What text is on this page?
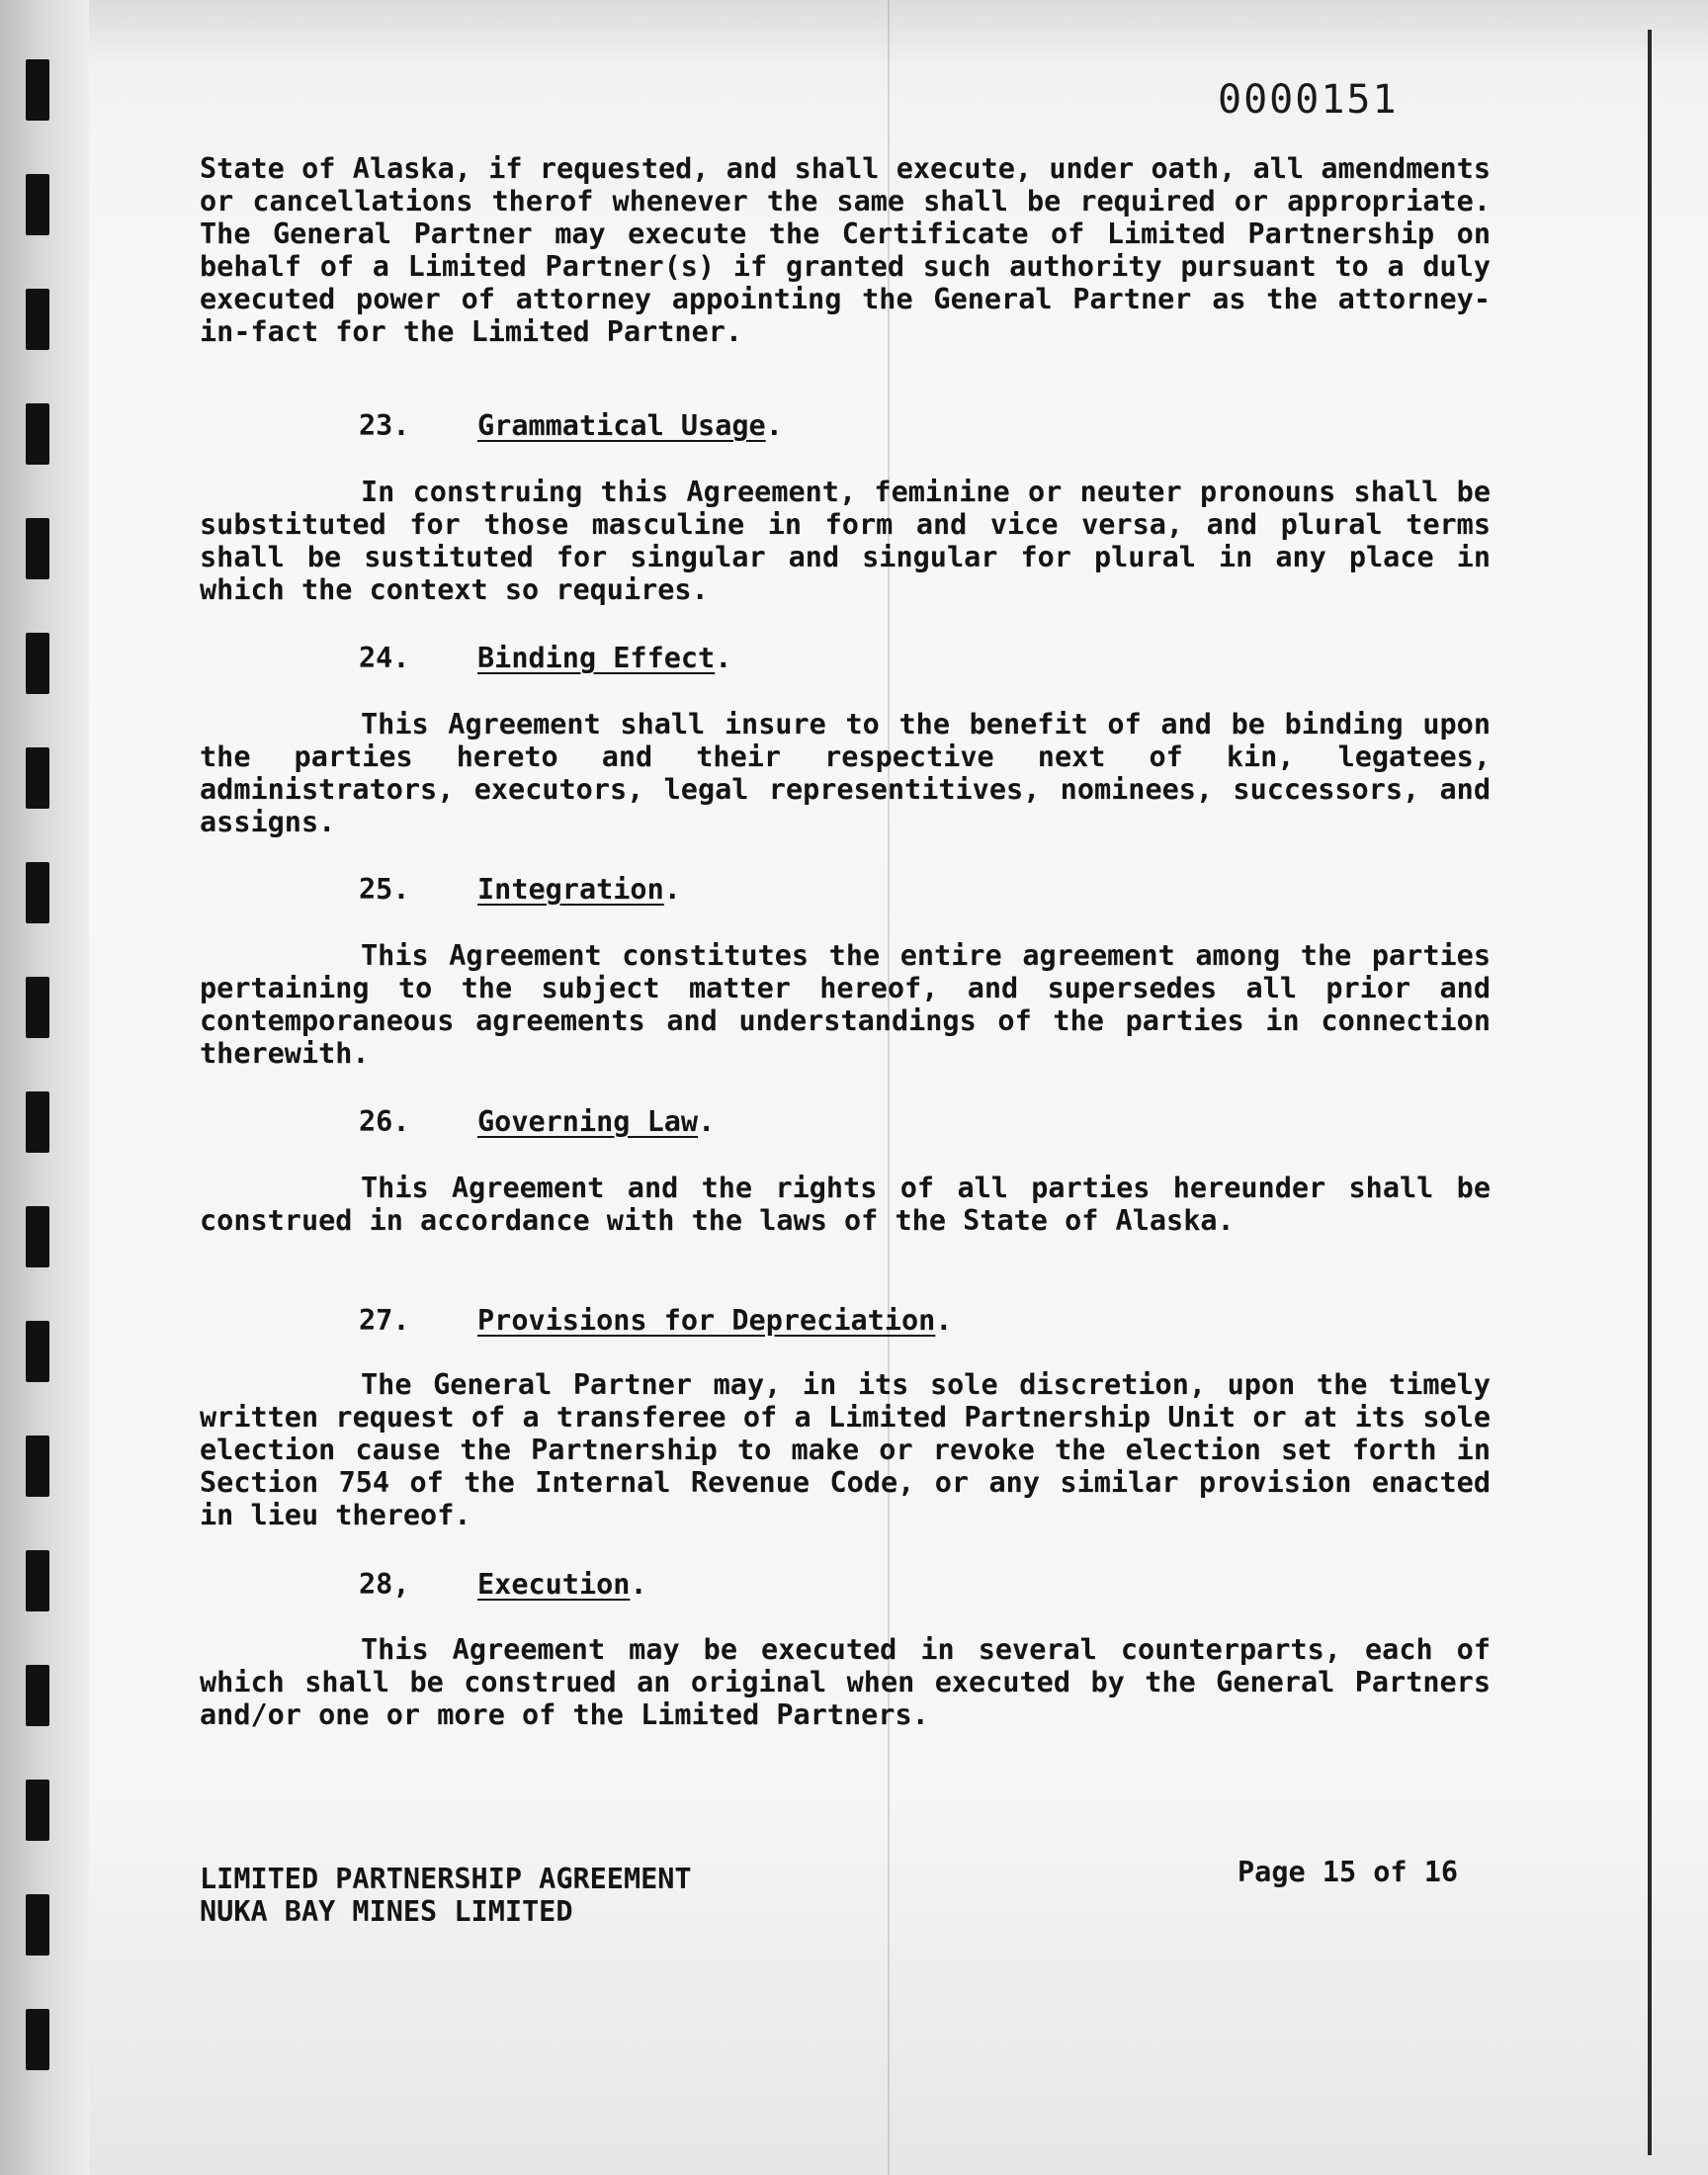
0000151

State of Alaska, if requested, and shall execute, under oath, all amendments or cancellations therof whenever the same shall be required or appropriate. The General Partner may execute the Certificate of Limited Partnership on behalf of a Limited Partner(s) if granted such authority pursuant to a duly executed power of attorney appointing the General Partner as the attorney-in-fact for the Limited Partner.

23. Grammatical Usage.

In construing this Agreement, feminine or neuter pronouns shall be substituted for those masculine in form and vice versa, and plural terms shall be sustituted for singular and singular for plural in any place in which the context so requires.

24. Binding Effect.

This Agreement shall insure to the benefit of and be binding upon the parties hereto and their respective next of kin, legatees, administrators, executors, legal representitives, nominees, successors, and assigns.

25. Integration.

This Agreement constitutes the entire agreement among the parties pertaining to the subject matter hereof, and supersedes all prior and contemporaneous agreements and understandings of the parties in connection therewith.

26. Governing Law.

This Agreement and the rights of all parties hereunder shall be construed in accordance with the laws of the State of Alaska.

27. Provisions for Depreciation.

The General Partner may, in its sole discretion, upon the timely written request of a transferee of a Limited Partnership Unit or at its sole election cause the Partnership to make or revoke the election set forth in Section 754 of the Internal Revenue Code, or any similar provision enacted in lieu thereof.

28, Execution.

This Agreement may be executed in several counterparts, each of which shall be construed an original when executed by the General Partners and/or one or more of the Limited Partners.

LIMITED PARTNERSHIP AGREEMENT
NUKA BAY MINES LIMITED
Page 15 of 16
